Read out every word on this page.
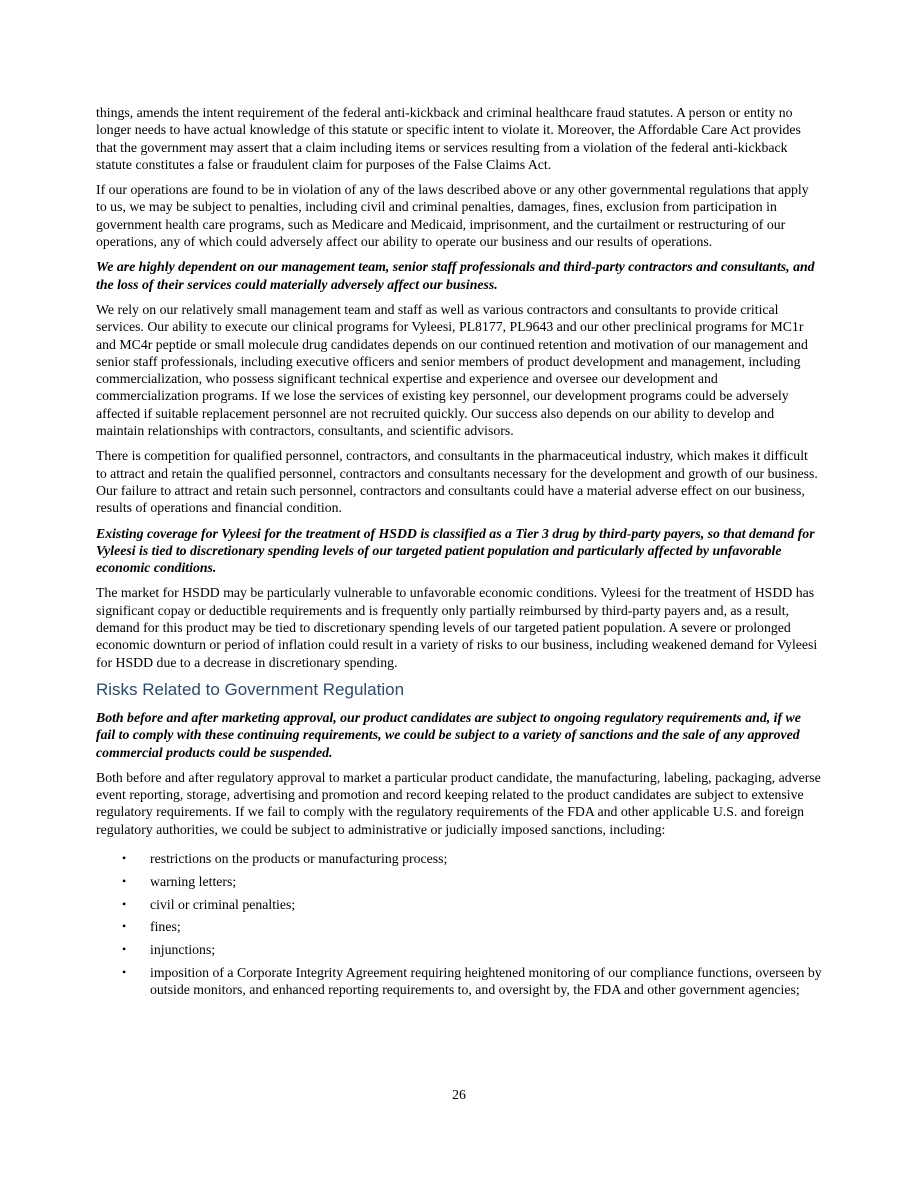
things, amends the intent requirement of the federal anti-kickback and criminal healthcare fraud statutes. A person or entity no longer needs to have actual knowledge of this statute or specific intent to violate it. Moreover, the Affordable Care Act provides that the government may assert that a claim including items or services resulting from a violation of the federal anti-kickback statute constitutes a false or fraudulent claim for purposes of the False Claims Act.

If our operations are found to be in violation of any of the laws described above or any other governmental regulations that apply to us, we may be subject to penalties, including civil and criminal penalties, damages, fines, exclusion from participation in government health care programs, such as Medicare and Medicaid, imprisonment, and the curtailment or restructuring of our operations, any of which could adversely affect our ability to operate our business and our results of operations.

We are highly dependent on our management team, senior staff professionals and third-party contractors and consultants, and the loss of their services could materially adversely affect our business.

We rely on our relatively small management team and staff as well as various contractors and consultants to provide critical services. Our ability to execute our clinical programs for Vyleesi, PL8177, PL9643 and our other preclinical programs for MC1r and MC4r peptide or small molecule drug candidates depends on our continued retention and motivation of our management and senior staff professionals, including executive officers and senior members of product development and management, including commercialization, who possess significant technical expertise and experience and oversee our development and commercialization programs. If we lose the services of existing key personnel, our development programs could be adversely affected if suitable replacement personnel are not recruited quickly. Our success also depends on our ability to develop and maintain relationships with contractors, consultants, and scientific advisors.

There is competition for qualified personnel, contractors, and consultants in the pharmaceutical industry, which makes it difficult to attract and retain the qualified personnel, contractors and consultants necessary for the development and growth of our business. Our failure to attract and retain such personnel, contractors and consultants could have a material adverse effect on our business, results of operations and financial condition.

Existing coverage for Vyleesi for the treatment of HSDD is classified as a Tier 3 drug by third-party payers, so that demand for Vyleesi is tied to discretionary spending levels of our targeted patient population and particularly affected by unfavorable economic conditions.

The market for HSDD may be particularly vulnerable to unfavorable economic conditions. Vyleesi for the treatment of HSDD has significant copay or deductible requirements and is frequently only partially reimbursed by third-party payers and, as a result, demand for this product may be tied to discretionary spending levels of our targeted patient population. A severe or prolonged economic downturn or period of inflation could result in a variety of risks to our business, including weakened demand for Vyleesi for HSDD due to a decrease in discretionary spending.

Risks Related to Government Regulation

Both before and after marketing approval, our product candidates are subject to ongoing regulatory requirements and, if we fail to comply with these continuing requirements, we could be subject to a variety of sanctions and the sale of any approved commercial products could be suspended.

Both before and after regulatory approval to market a particular product candidate, the manufacturing, labeling, packaging, adverse event reporting, storage, advertising and promotion and record keeping related to the product candidates are subject to extensive regulatory requirements. If we fail to comply with the regulatory requirements of the FDA and other applicable U.S. and foreign regulatory authorities, we could be subject to administrative or judicially imposed sanctions, including:

• restrictions on the products or manufacturing process;
• warning letters;
• civil or criminal penalties;
• fines;
• injunctions;
• imposition of a Corporate Integrity Agreement requiring heightened monitoring of our compliance functions, overseen by outside monitors, and enhanced reporting requirements to, and oversight by, the FDA and other government agencies;
26
